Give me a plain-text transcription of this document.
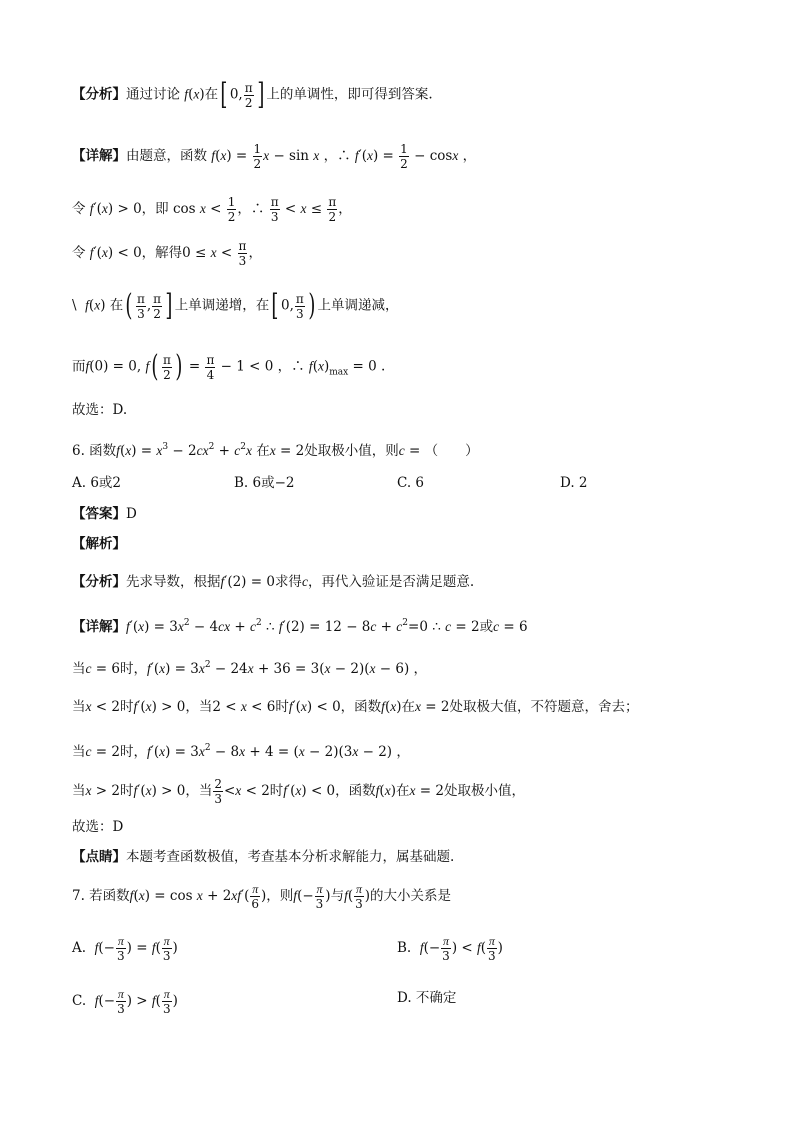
【分析】通过讨论 f(x)在[ 0, $\frac{\pi}{2}$ ] 上的单调性，即可得到答案.
【详解】由题意，函数 $f(x) = \frac{1}{2}$ x − sin x ，∴ $f'(x) = \frac{1}{2} - \cos x$ ，
令 f′(x) > 0，即 $\cos x < \frac{1}{2}$ ，∴ $\frac{\pi}{3} < x \le \frac{\pi}{2}$ ，
令 f′(x) < 0，解得$0 \le x < \frac{\pi}{3}$ ，
\ f(x) 在( $\frac{\pi}{3}$ , $\frac{\pi}{2}$ ] 上单调递增，在[ 0, $\frac{\pi}{3}$ ) 上单调递减，
而f(0) = 0, $f( \frac{\pi}{2}$ ) = $\frac{\pi}{4} - 1 < 0$ ，∴ $f(x)_{max} = 0$ .
故选：D.
6. 函数$f(x) = x^3 - 2cx^2 + c^2x$ 在x = 2处取极小值，则c = （　　）
A. 6或2	B. 6或−2	C. 6	D. 2
【答案】D
【解析】
【分析】先求导数，根据f′(2) = 0求得c，再代入验证是否满足题意.
【详解】$f'(x) = 3x^2 - 4cx + c^2$ ∴ $f'(2) = 12 - 8c + c^2=0$ ∴ c = 2或c = 6
当c = 6时，$f'(x) = 3x^2 - 24x + 36 = 3(x - 2)(x - 6)$ ，
当x < 2时f′(x) > 0，当2 < x < 6时f′(x) < 0，函数f(x)在x = 2处取极大值，不符题意，舍去；
当c = 2时，$f'(x) = 3x^2 - 8x + 4 = (x - 2)(3x - 2)$ ，
当x > 2时f′(x) > 0，当 $\frac{2}{3} <x < 2$时f′(x) < 0，函数f(x)在x = 2处取极小值，
故选：D
【点睛】本题考查函数极值，考查基本分析求解能力，属基础题.
7. 若函数$f(x) = \cos x + 2xf'( \frac{\pi}{6}$ )，则$f(- \frac{\pi}{3}$ )与$f( \frac{\pi}{3}$ )的大小关系是
A. $f(- \frac{\pi}{3}$ ) = $f( \frac{\pi}{3}$ )	B. $f(- \frac{\pi}{3}$ ) < $f( \frac{\pi}{3}$ )
C. $f(- \frac{\pi}{3}$ ) > $f( \frac{\pi}{3}$ )	D. 不确定
